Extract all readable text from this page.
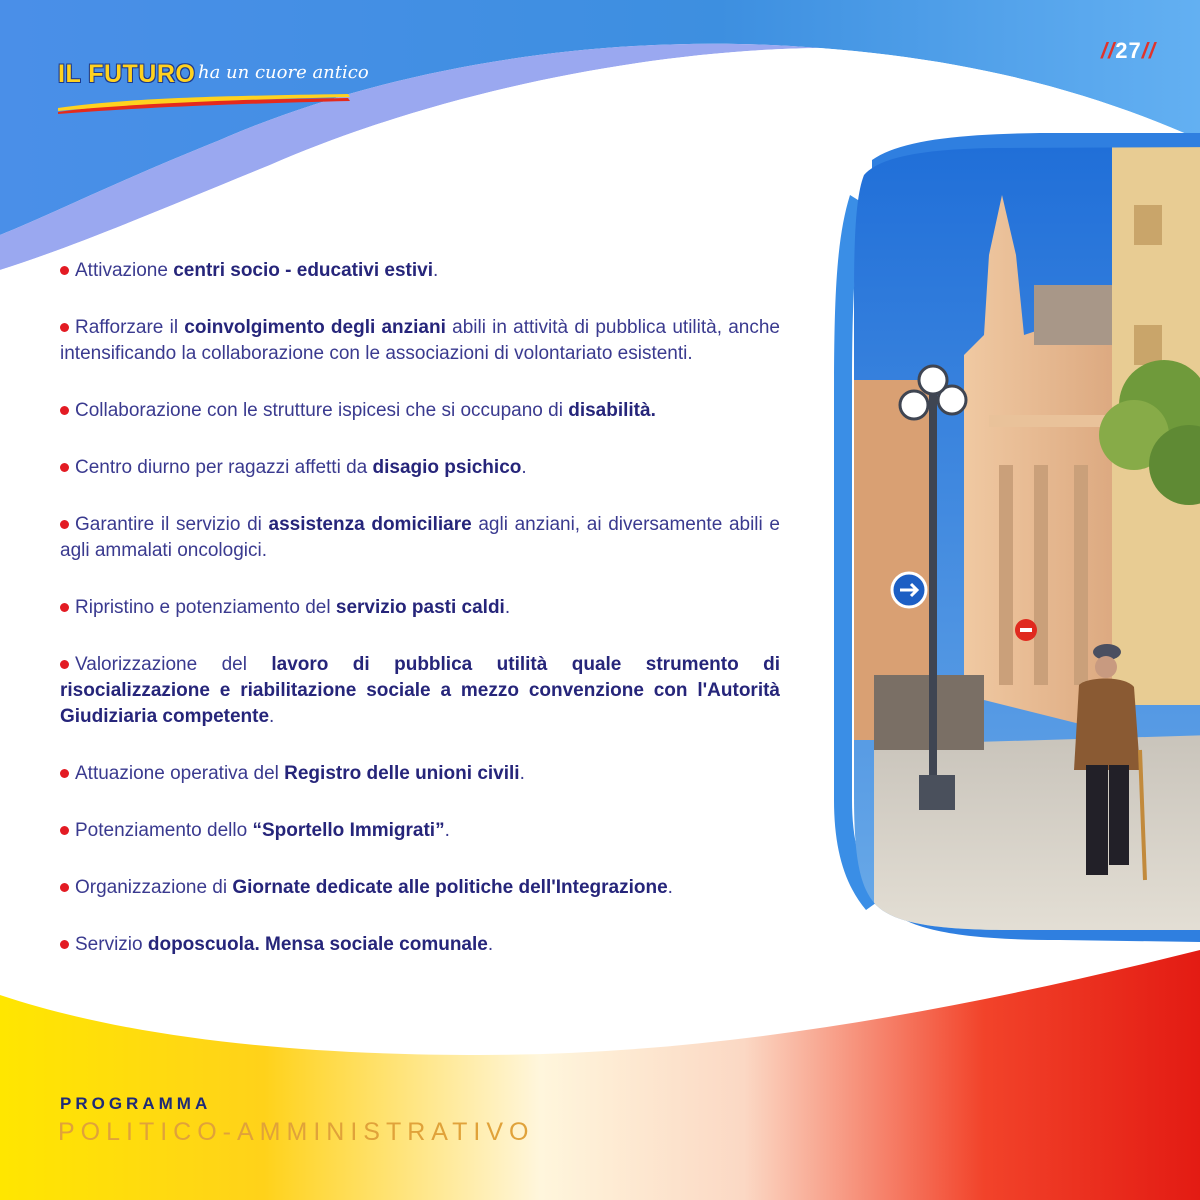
IL FUTURO ha un cuore antico
//27//

Attivazione centri socio - educativi estivi.

Rafforzare il coinvolgimento degli anziani abili in attività di pubblica utilità, anche intensificando la collaborazione con le associazioni di volontariato esistenti.

Collaborazione con le strutture ispicesi che si occupano di disabilità.

Centro diurno per ragazzi affetti da disagio psichico.

Garantire il servizio di assistenza domiciliare agli anziani, ai diversamente abili e agli ammalati oncologici.

Ripristino e potenziamento del servizio pasti caldi.

Valorizzazione del lavoro di pubblica utilità quale strumento di risocializzazione e riabilitazione sociale a mezzo convenzione con l'Autorità Giudiziaria competente.

Attuazione operativa del Registro delle unioni civili.

Potenziamento dello “Sportello Immigrati”.

Organizzazione di Giornate dedicate alle politiche dell'Integrazione.

Servizio doposcuola. Mensa sociale comunale.

PROGRAMMA
POLITICO-AMMINISTRATIVO
